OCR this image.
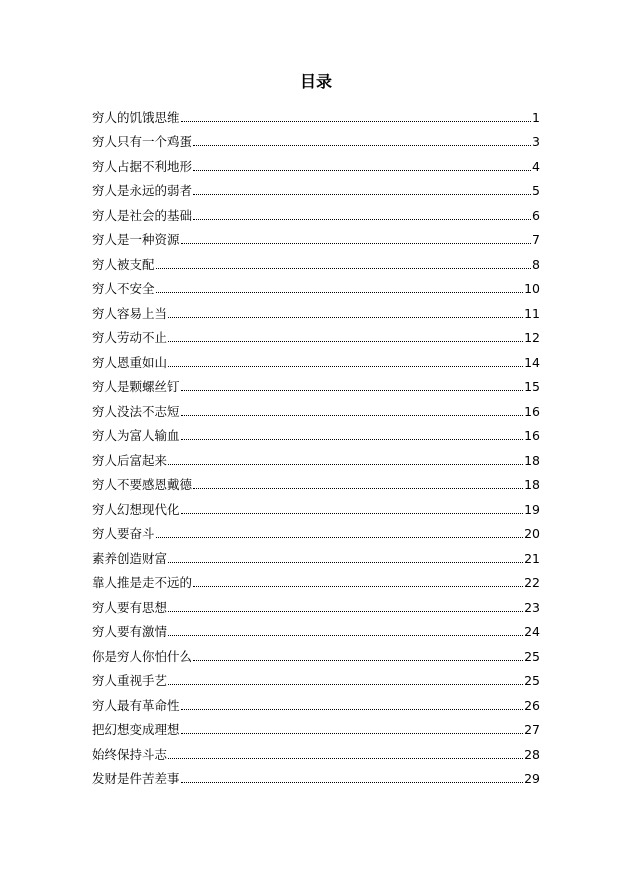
目录
穷人的饥饿思维	1
穷人只有一个鸡蛋	3
穷人占据不利地形	4
穷人是永远的弱者	5
穷人是社会的基础	6
穷人是一种资源	7
穷人被支配	8
穷人不安全	10
穷人容易上当	11
穷人劳动不止	12
穷人恩重如山	14
穷人是颗螺丝钉	15
穷人没法不志短	16
穷人为富人输血	16
穷人后富起来	18
穷人不要感恩戴德	18
穷人幻想现代化	19
穷人要奋斗	20
素养创造财富	21
靠人推是走不远的	22
穷人要有思想	23
穷人要有激情	24
你是穷人你怕什么	25
穷人重视手艺	25
穷人最有革命性	26
把幻想变成理想	27
始终保持斗志	28
发财是件苦差事	29
